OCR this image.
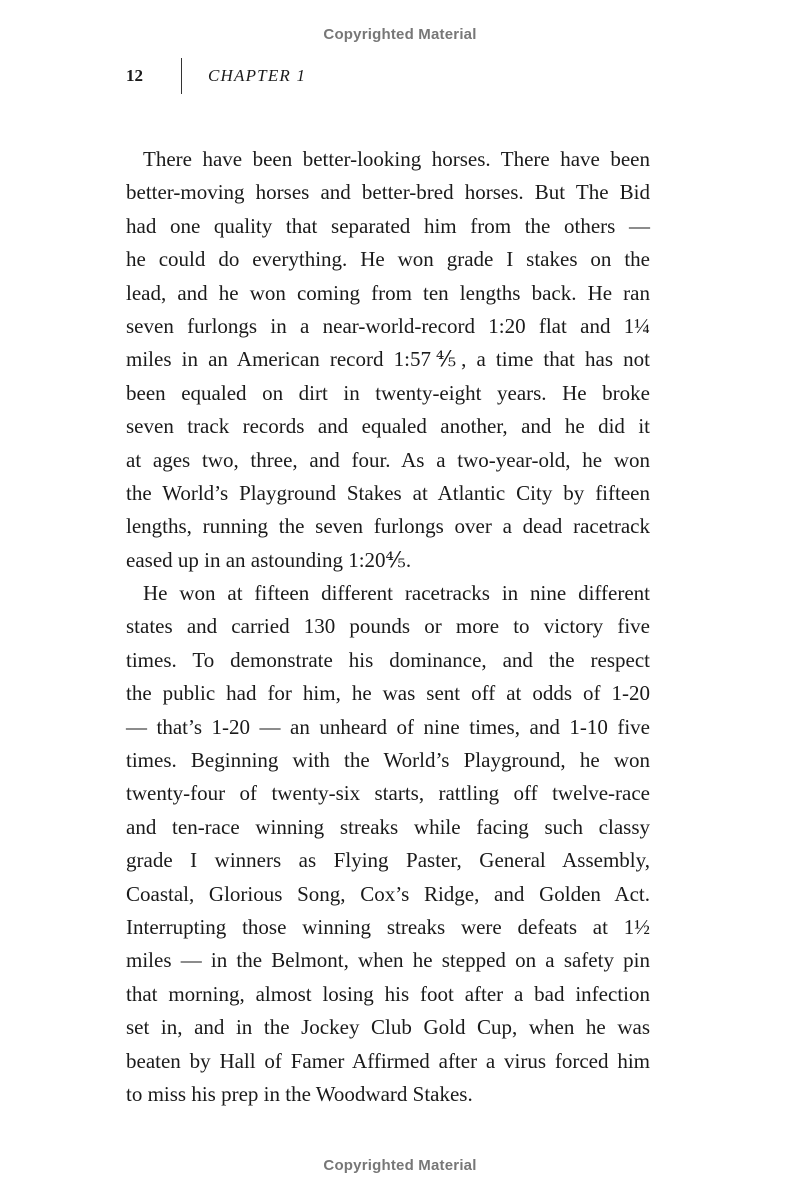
Copyrighted Material
12	CHAPTER 1

There have been better-looking horses. There have been
better-moving horses and better-bred horses. But The Bid
had one quality that separated him from the others —
he could do everything. He won grade I stakes on the
lead, and he won coming from ten lengths back. He ran
seven furlongs in a near-world-record 1:20 flat and 1¼
miles in an American record 1:57⅘, a time that has not
been equaled on dirt in twenty-eight years. He broke
seven track records and equaled another, and he did it
at ages two, three, and four. As a two-year-old, he won
the World’s Playground Stakes at Atlantic City by fifteen
lengths, running the seven furlongs over a dead racetrack
eased up in an astounding 1:20⅘.

He won at fifteen different racetracks in nine different
states and carried 130 pounds or more to victory five
times. To demonstrate his dominance, and the respect
the public had for him, he was sent off at odds of 1-20
— that’s 1-20 — an unheard of nine times, and 1-10 five
times. Beginning with the World’s Playground, he won
twenty-four of twenty-six starts, rattling off twelve-race
and ten-race winning streaks while facing such classy
grade I winners as Flying Paster, General Assembly,
Coastal, Glorious Song, Cox’s Ridge, and Golden Act.
Interrupting those winning streaks were defeats at 1½
miles — in the Belmont, when he stepped on a safety pin
that morning, almost losing his foot after a bad infection
set in, and in the Jockey Club Gold Cup, when he was
beaten by Hall of Famer Affirmed after a virus forced him
to miss his prep in the Woodward Stakes.

Copyrighted Material
